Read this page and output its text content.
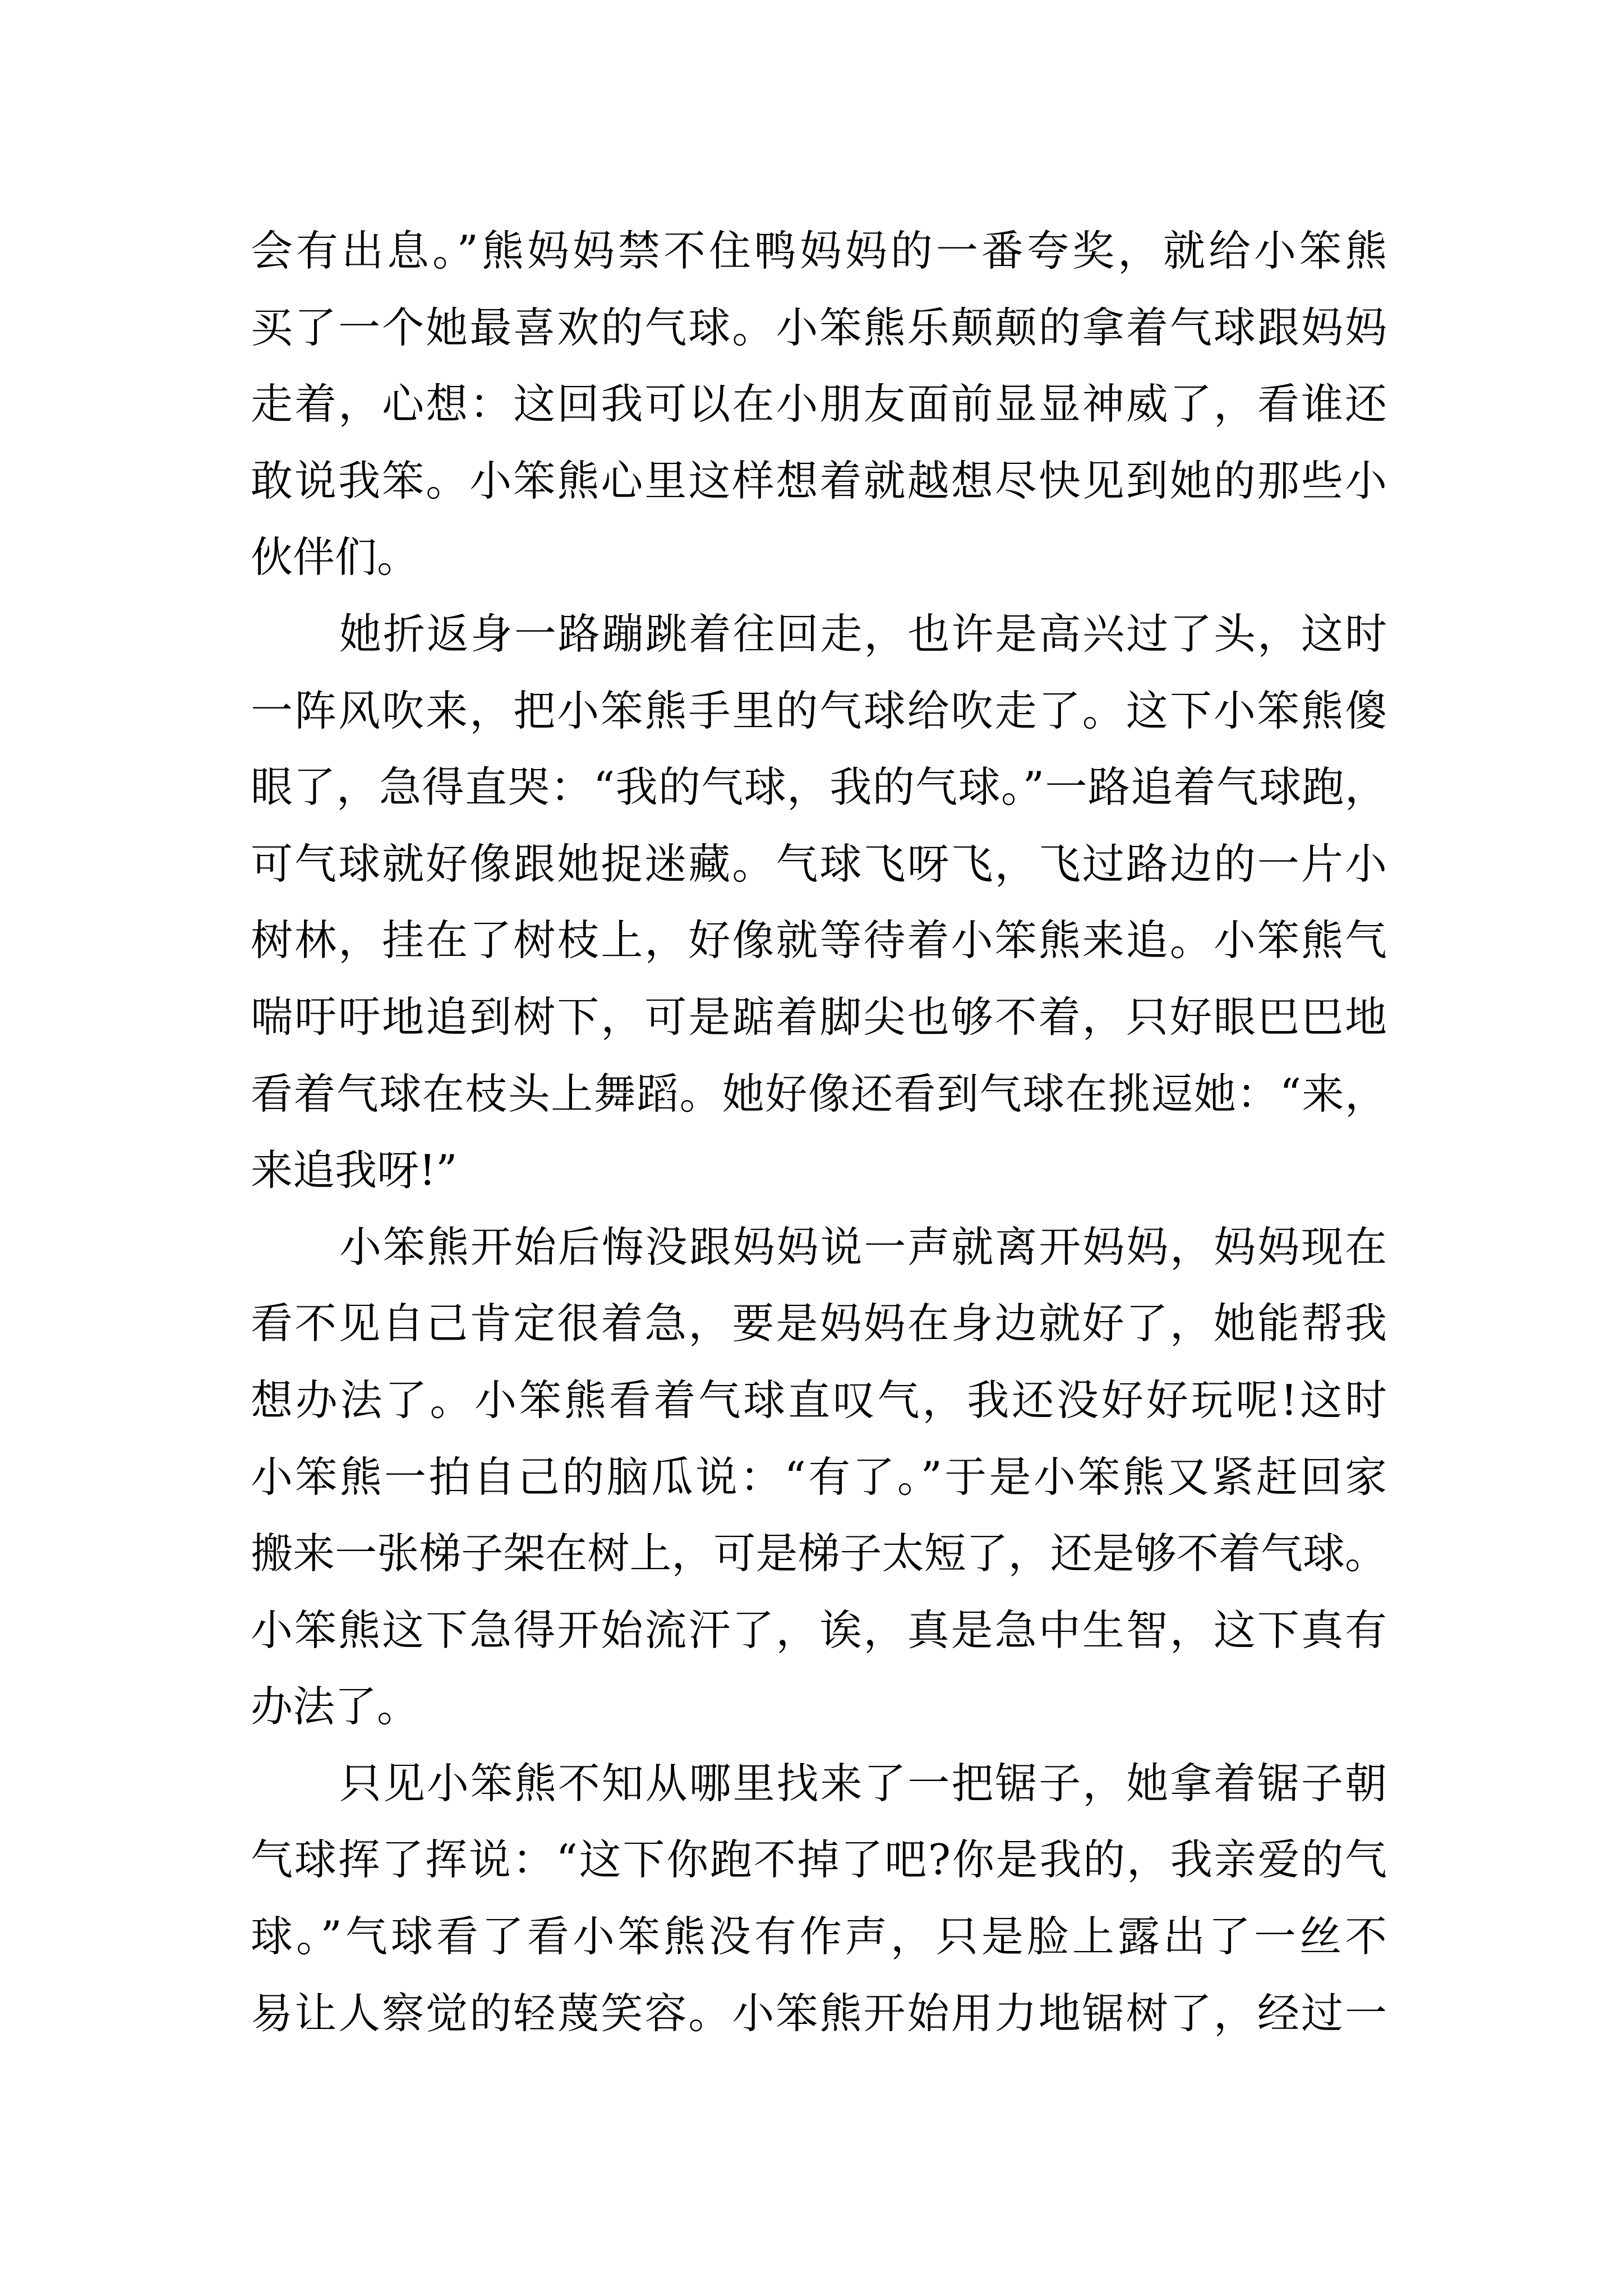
会有出息。”熊妈妈禁不住鸭妈妈的一番夸奖，就给小笨熊
买了一个她最喜欢的气球。小笨熊乐颠颠的拿着气球跟妈妈
走着，心想：这回我可以在小朋友面前显显神威了，看谁还
敢说我笨。小笨熊心里这样想着就越想尽快见到她的那些小
伙伴们。

她折返身一路蹦跳着往回走，也许是高兴过了头，这时
一阵风吹来，把小笨熊手里的气球给吹走了。这下小笨熊傻
眼了，急得直哭：“我的气球，我的气球。”一路追着气球跑，
可气球就好像跟她捉迷藏。气球飞呀飞，飞过路边的一片小
树林，挂在了树枝上，好像就等待着小笨熊来追。小笨熊气
喘吁吁地追到树下，可是踮着脚尖也够不着，只好眼巴巴地
看着气球在枝头上舞蹈。她好像还看到气球在挑逗她：“来，
来追我呀!”

小笨熊开始后悔没跟妈妈说一声就离开妈妈，妈妈现在
看不见自己肯定很着急，要是妈妈在身边就好了，她能帮我
想办法了。小笨熊看着气球直叹气，我还没好好玩呢!这时
小笨熊一拍自己的脑瓜说：“有了。”于是小笨熊又紧赶回家
搬来一张梯子架在树上，可是梯子太短了，还是够不着气球。
小笨熊这下急得开始流汗了，诶，真是急中生智，这下真有
办法了。

只见小笨熊不知从哪里找来了一把锯子，她拿着锯子朝
气球挥了挥说：“这下你跑不掉了吧?你是我的，我亲爱的气
球。”气球看了看小笨熊没有作声，只是脸上露出了一丝不
易让人察觉的轻蔑笑容。小笨熊开始用力地锯树了，经过一
